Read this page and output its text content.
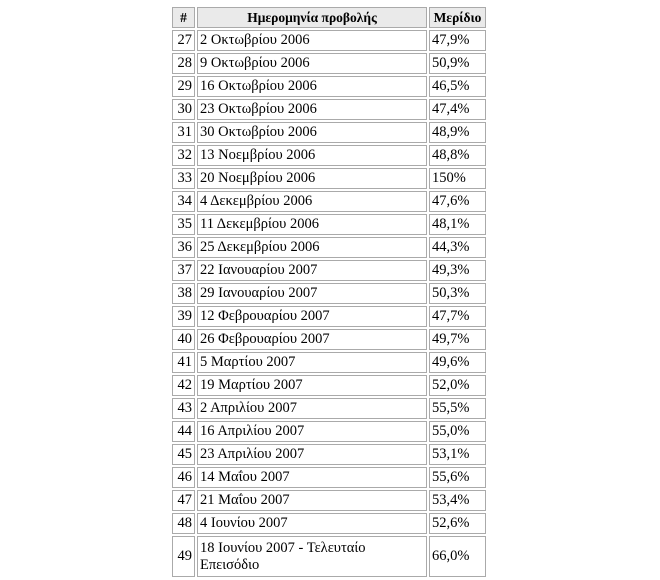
#	Ημερομηνία προβολής	Μερίδιο
27	2 Οκτωβρίου 2006	47,9%
28	9 Οκτωβρίου 2006	50,9%
29	16 Οκτωβρίου 2006	46,5%
30	23 Οκτωβρίου 2006	47,4%
31	30 Οκτωβρίου 2006	48,9%
32	13 Νοεμβρίου 2006	48,8%
33	20 Νοεμβρίου 2006	150%
34	4 Δεκεμβρίου 2006	47,6%
35	11 Δεκεμβρίου 2006	48,1%
36	25 Δεκεμβρίου 2006	44,3%
37	22 Ιανουαρίου 2007	49,3%
38	29 Ιανουαρίου 2007	50,3%
39	12 Φεβρουαρίου 2007	47,7%
40	26 Φεβρουαρίου 2007	49,7%
41	5 Μαρτίου 2007	49,6%
42	19 Μαρτίου 2007	52,0%
43	2 Απριλίου 2007	55,5%
44	16 Απριλίου 2007	55,0%
45	23 Απριλίου 2007	53,1%
46	14 Μαΐου 2007	55,6%
47	21 Μαΐου 2007	53,4%
48	4 Ιουνίου 2007	52,6%
49	18 Ιουνίου 2007 - Τελευταίο Επεισόδιο	66,0%
